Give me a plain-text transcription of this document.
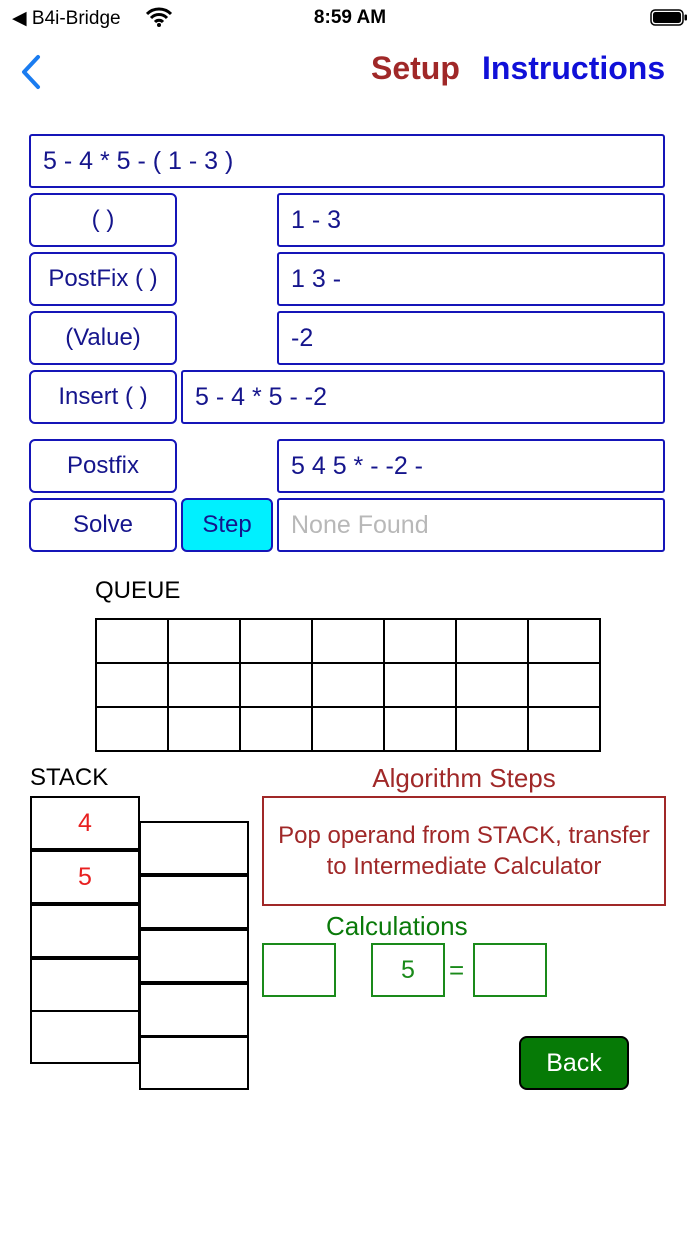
◀ B4i-Bridge	8:59 AM
Setup Instructions
5 - 4 * 5 - ( 1 - 3 )
( )	1 - 3
PostFix ( )	1 3 -
(Value)	-2
Insert ( )	5 - 4 * 5 - -2
Postfix	5 4 5 * - -2 -
Solve	Step	None Found
QUEUE
STACK
4
5
Algorithm Steps
Pop operand from STACK, transfer to Intermediate Calculator
Calculations
5	=
Back
